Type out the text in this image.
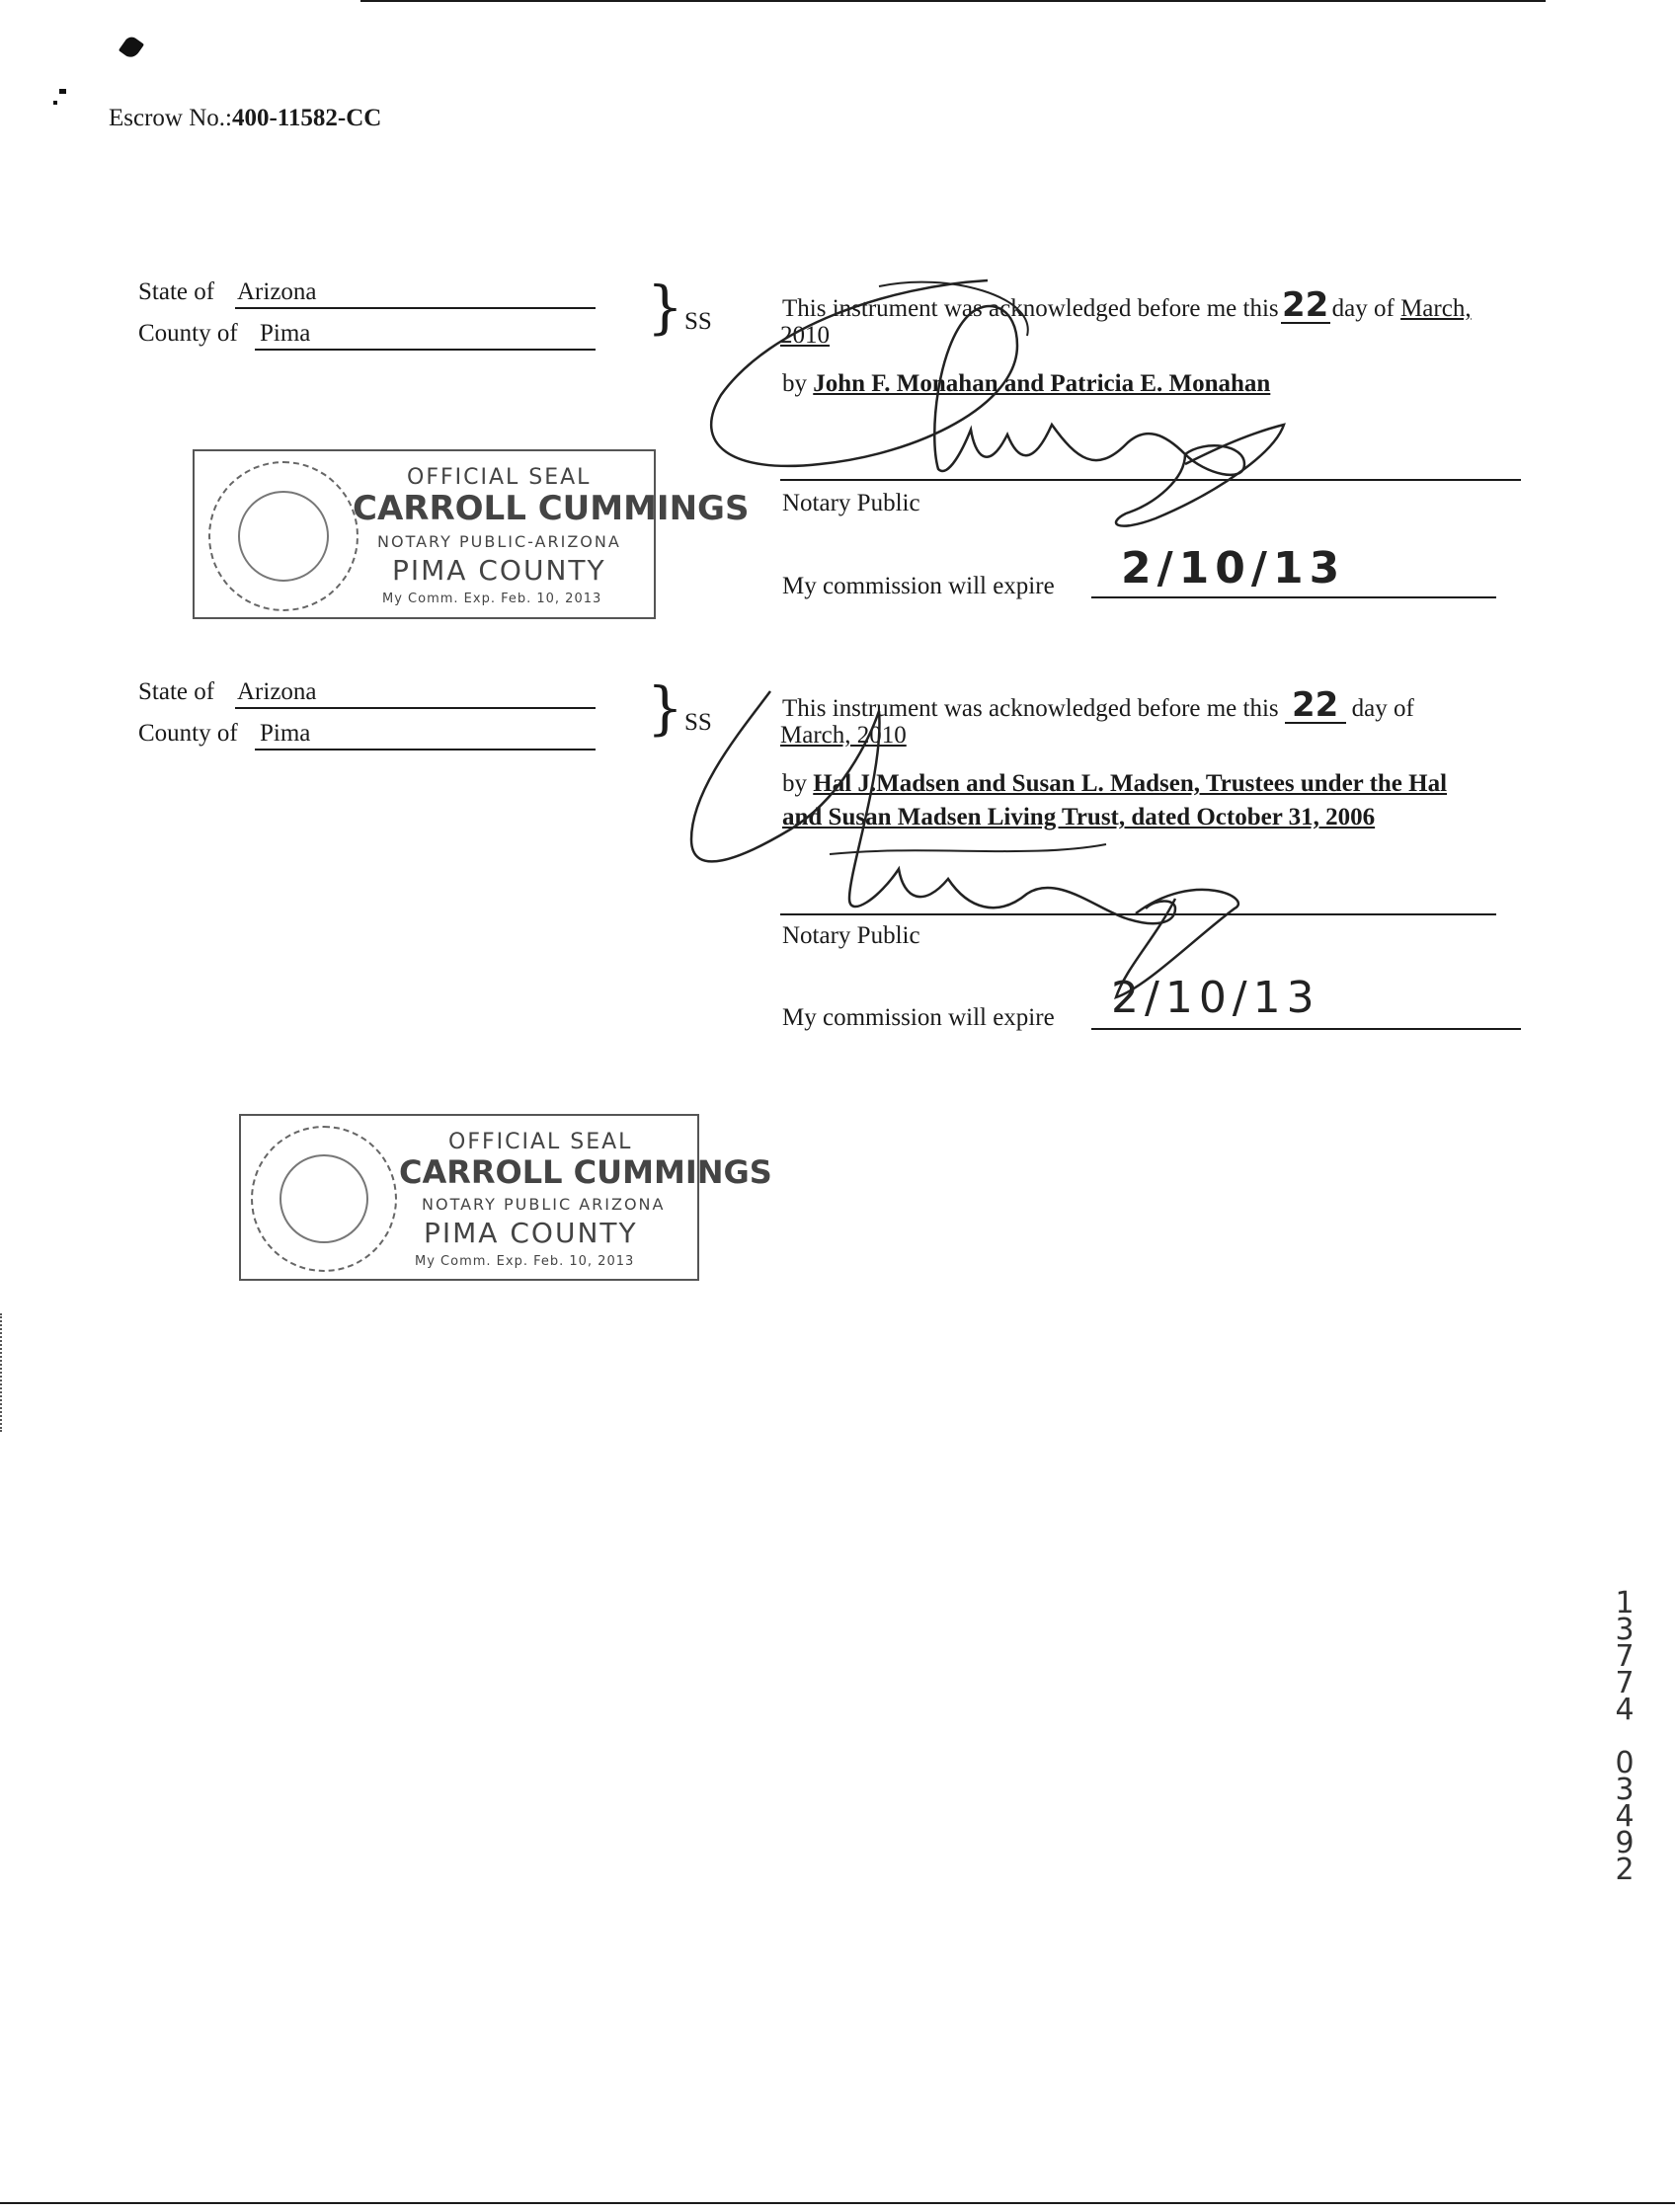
Escrow No.:400-11582-CC
State of Arizona
County of Pima	} SS	This instrument was acknowledged before me this22 day of March,
2010
by John F. Monahan and Patricia E. Monahan
Notary Public
My commission will expire 2/10/13
OFFICIAL SEAL
CARROLL CUMMINGS
NOTARY PUBLIC-ARIZONA
PIMA COUNTY
My Comm. Exp. Feb. 10, 2013
State of Arizona
County of Pima	} SS
This instrument was acknowledged before me this 22 day of
March, 2010
by Hal J.Madsen and Susan L. Madsen, Trustees under the Hal
and Susan Madsen Living Trust, dated October 31, 2006
Notary Public
My commission will expire 2/10/13
OFFICIAL SEAL
CARROLL CUMMINGS
NOTARY PUBLIC ARIZONA
PIMA COUNTY
My Comm. Exp. Feb. 10, 2013
1
3
7
7
4

0
3
4
9
2
